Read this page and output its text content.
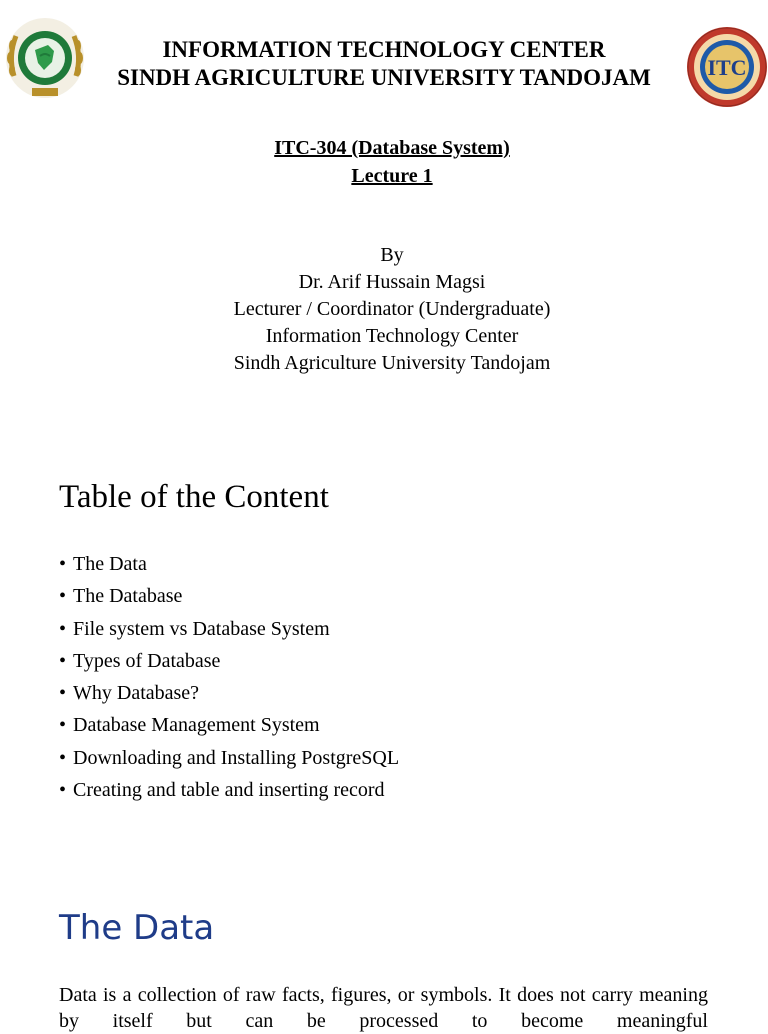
INFORMATION TECHNOLOGY CENTER
SINDH AGRICULTURE UNIVERSITY TANDOJAM	ITC
ITC-304 (Database System)
Lecture 1
By
Dr. Arif Hussain Magsi
Lecturer / Coordinator (Undergraduate)
Information Technology Center
Sindh Agriculture University Tandojam
Table of the Content
• The Data
• The Database
• File system vs Database System
• Types of Database
• Why Database?
• Database Management System
• Downloading and Installing PostgreSQL
• Creating and table and inserting record
The Data

Data is a collection of raw facts, figures, or symbols. It does not carry meaning by itself but can be processed to become meaningful
